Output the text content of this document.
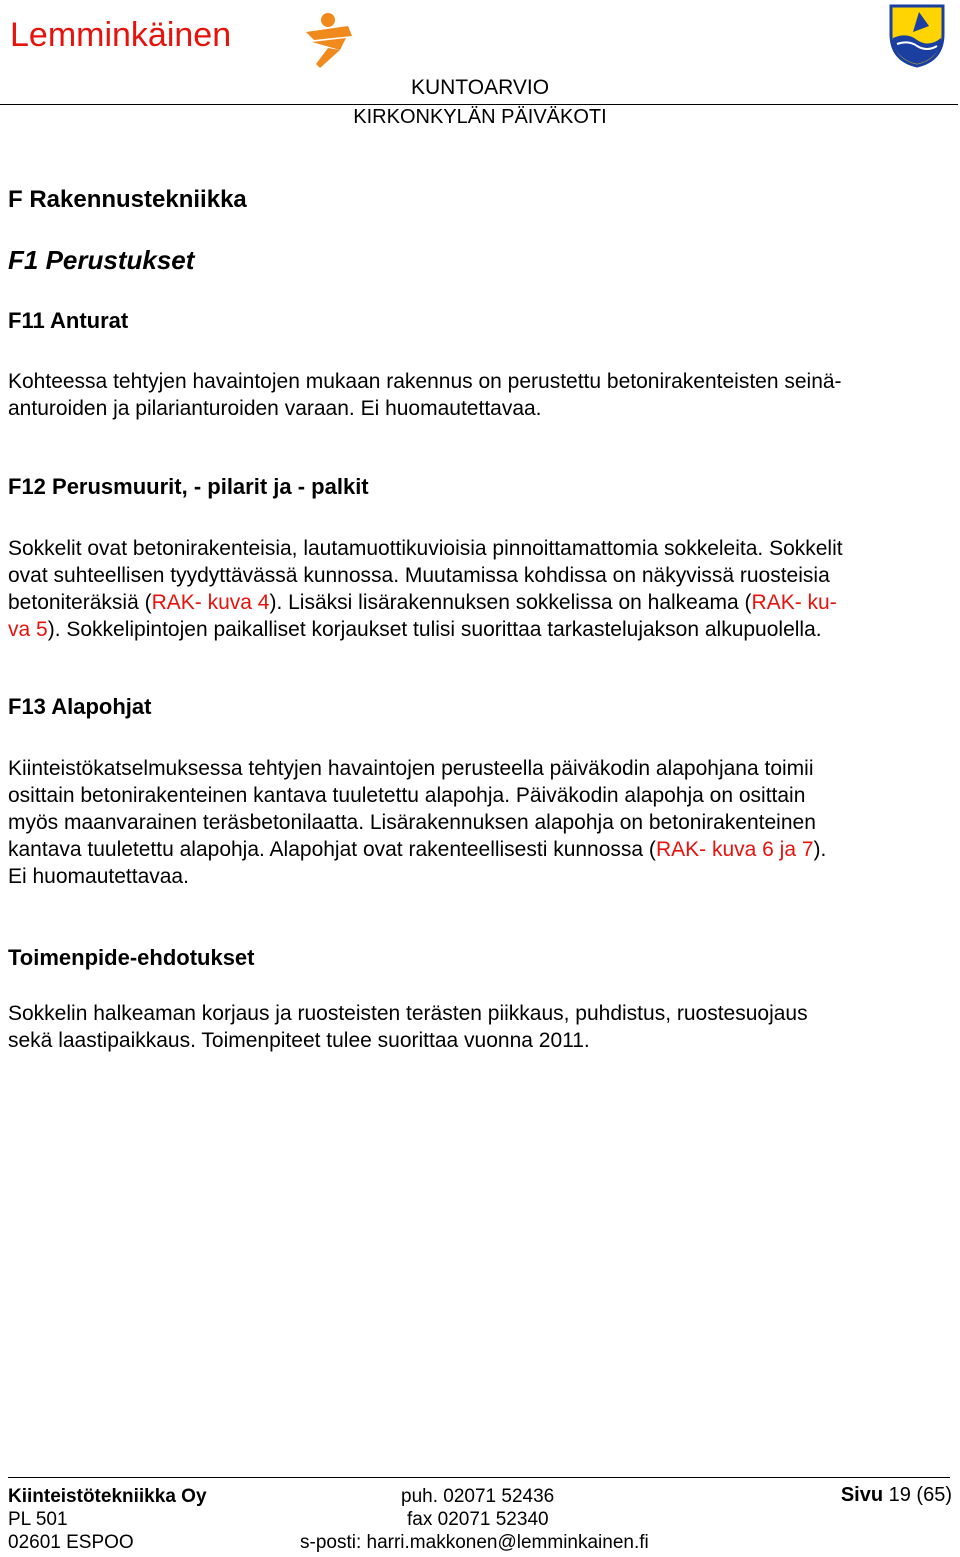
Lemminkäinen
KUNTOARVIO
KIRKONKYLÄN PÄIVÄKOTI
F Rakennustekniikka
F1 Perustukset
F11 Anturat
Kohteessa tehtyjen havaintojen mukaan rakennus on perustettu betonirakenteisten seinä-
anturoiden ja pilarianturoiden varaan. Ei huomautettavaa.
F12 Perusmuurit, - pilarit ja - palkit
Sokkelit ovat betonirakenteisia, lautamuottikuvioisia pinnoittamattomia sokkeleita. Sokkelit
ovat suhteellisen tyydyttävässä kunnossa. Muutamissa kohdissa on näkyvissä ruosteisia
betoniteräksiä (RAK- kuva 4). Lisäksi lisärakennuksen sokkelissa on halkeama (RAK- ku-
va 5). Sokkelipintojen paikalliset korjaukset tulisi suorittaa tarkastelujakson alkupuolella.
F13 Alapohjat
Kiinteistökatselmuksessa tehtyjen havaintojen perusteella päiväkodin alapohjana toimii
osittain betonirakenteinen kantava tuuletettu alapohja. Päiväkodin alapohja on osittain
myös maanvarainen teräsbetonilaatta. Lisärakennuksen alapohja on betonirakenteinen
kantava tuuletettu alapohja. Alapohjat ovat rakenteellisesti kunnossa (RAK- kuva 6 ja 7).
Ei huomautettavaa.
Toimenpide-ehdotukset
Sokkelin halkeaman korjaus ja ruosteisten terästen piikkaus, puhdistus, ruostesuojaus
sekä laastipaikkaus. Toimenpiteet tulee suorittaa vuonna 2011.
Kiinteistötekniikka Oy
PL 501
02601 ESPOO
puh. 02071 52436
fax 02071 52340
s-posti: harri.makkonen@lemminkainen.fi
Sivu 19 (65)
